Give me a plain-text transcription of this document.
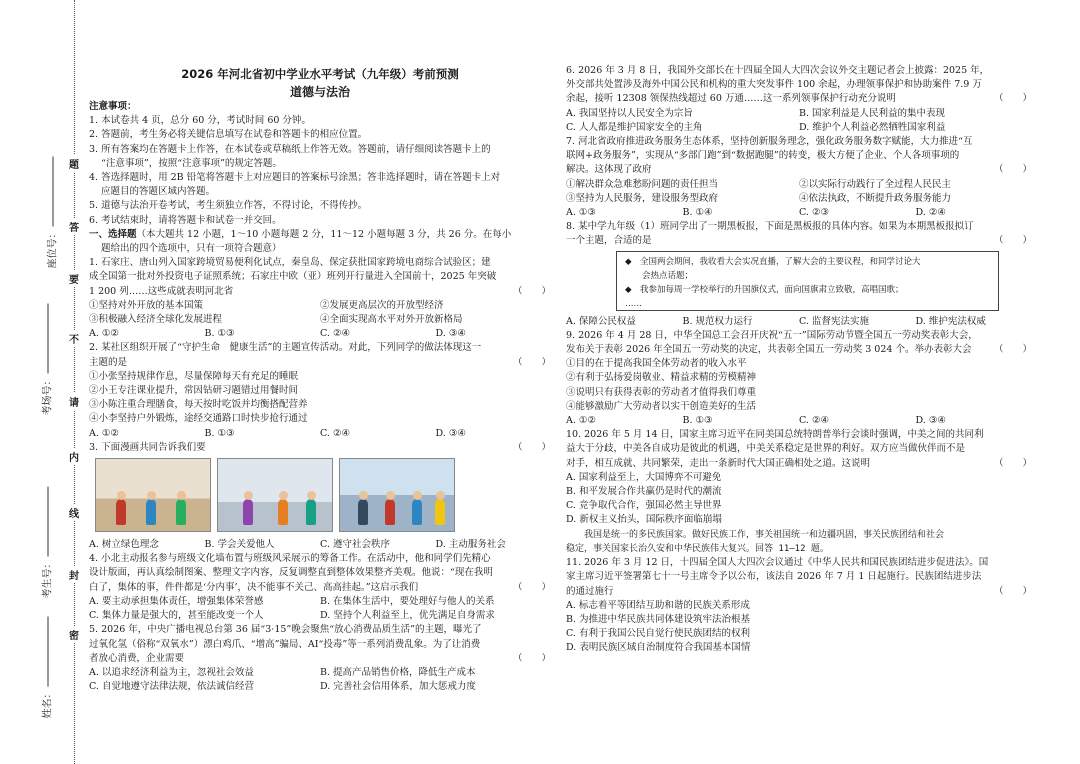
座位号：
考场号：
考生号：
姓名：
题
答
要
不
请
内
线
封
密
2026 年河北省初中学业水平考试（九年级）考前预测
道德与法治
注意事项：
1. 本试卷共 4 页，总分 60 分，考试时间 60 分钟。
2. 答题前，考生务必将关键信息填写在试卷和答题卡的相应位置。
3. 所有答案均在答题卡上作答，在本试卷或草稿纸上作答无效。答题前，请仔细阅读答题卡上的
“注意事项”，按照“注意事项”的规定答题。
4. 答选择题时，用 2B 铅笔将答题卡上对应题目的答案标号涂黑；答非选择题时，请在答题卡上对
应题目的答题区域内答题。
5. 道德与法治开卷考试，考生须独立作答，不得讨论，不得传抄。
6. 考试结束时，请将答题卡和试卷一并交回。
一、选择题（本大题共 12 小题，1～10 小题每题 2 分，11～12 小题每题 3 分，共 26 分。在每小
题给出的四个选项中，只有一项符合题意）
1. 石家庄、唐山列入国家跨境贸易便利化试点，秦皇岛、保定获批国家跨境电商综合试验区；建
成全国第一批对外投资电子证照系统；石家庄中欧（亚）班列开行量进入全国前十，2025 年突破
1 200 列……这些成就表明河北省	（　　）
①坚持对外开放的基本国策	②发展更高层次的开放型经济
③积极融入经济全球化发展进程	④全面实现高水平对外开放新格局
A. ①②	B. ①③	C. ②④	D. ③④
2. 某社区组织开展了“守护生命　健康生活”的主题宣传活动。对此，下列同学的做法体现这一
主题的是	（　　）
①小张坚持规律作息，尽量保障每天有充足的睡眠
②小王专注课业提升，常因钻研习题错过用餐时间
③小陈注重合理膳食，每天按时吃饭并均衡搭配营养
④小李坚持户外锻炼，途经交通路口时快步抢行通过
A. ①②	B. ①③	C. ②④	D. ③④
3. 下面漫画共同告诉我们要	（　　）
A. 树立绿色理念	B. 学会关爱他人	C. 遵守社会秩序	D. 主动服务社会
4. 小北主动报名参与班级文化墙布置与班级风采展示的筹备工作。在活动中，他和同学们先精心
设计版面，再认真绘制图案、整理文字内容，反复调整直到整体效果整齐美观。他说：“现在我明
白了，集体的事，件件都是‘分内事’，决不能事不关己、高高挂起。”这启示我们	（　　）
A. 要主动承担集体责任，增强集体荣誉感	B. 在集体生活中，要处理好与他人的关系
C. 集体力量是强大的，甚至能改变一个人	D. 坚持个人利益至上，优先满足自身需求
5. 2026 年，中央广播电视总台第 36 届“3·15”晚会聚焦“放心消费品质生活”的主题，曝光了
过氧化氢（俗称“双氧水”）漂白鸡爪、“增高”骗局、AI“投毒”等一系列消费乱象。为了让消费
者放心消费，企业需要	（　　）
A. 以追求经济利益为主，忽视社会效益	B. 提高产品销售价格，降低生产成本
C. 自觉地遵守法律法规，依法诚信经营	D. 完善社会信用体系，加大惩戒力度
6. 2026 年 3 月 8 日，我国外交部长在十四届全国人大四次会议外交主题记者会上披露：2025 年，
外交部共处置涉及海外中国公民和机构的重大突发事件 100 余起，办理领事保护和协助案件 7.9 万
余起，接听 12308 领保热线超过 60 万通……这一系列领事保护行动充分说明	（　　）
A. 我国坚持以人民安全为宗旨	B. 国家利益是人民利益的集中表现
C. 人人都是维护国家安全的主角	D. 维护个人利益必然牺牲国家利益
7. 河北省政府推进政务服务生态体系，坚持创新服务理念，强化政务服务数字赋能，大力推进“互
联网+政务服务”，实现从“多部门跑”到“数据跑腿”的转变，极大方便了企业、个人各项事项的
解决。这体现了政府	（　　）
①解决群众急难愁盼问题的责任担当	②以实际行动践行了全过程人民民主
③坚持为人民服务，建设服务型政府	④依法执政，不断提升政务服务能力
A. ①③	B. ①④	C. ②③	D. ②④
8. 某中学九年级（1）班同学出了一期黑板报，下面是黑板报的具体内容。如果为本期黑板报拟订
一个主题，合适的是	（　　）
◆　全国两会期间，我收看大会实况直播，了解大会的主要议程，和同学讨论大
　　会热点话题；
◆　我参加每周一学校举行的升国旗仪式，面向国旗肃立致敬，高唱国歌；
……
A. 保障公民权益	B. 规范权力运行	C. 监督宪法实施	D. 维护宪法权威
9. 2026 年 4 月 28 日，中华全国总工会召开庆祝“五一”国际劳动节暨全国五一劳动奖表彰大会，
发布关于表彰 2026 年全国五一劳动奖的决定，共表彰全国五一劳动奖 3 024 个。举办表彰大会 （　　）
①目的在于提高我国全体劳动者的收入水平
②有利于弘扬爱岗敬业、精益求精的劳模精神
③说明只有获得表彰的劳动者才值得我们尊重
④能够激励广大劳动者以实干创造美好的生活
A. ①②	B. ①③	C. ②④	D. ③④
10. 2026 年 5 月 14 日，国家主席习近平在同美国总统特朗普举行会谈时强调，中美之间的共同利
益大于分歧，中美各自成功是彼此的机遇，中美关系稳定是世界的利好。双方应当做伙伴而不是
对手，相互成就、共同繁荣，走出一条新时代大国正确相处之道。这说明	（　　）
A. 国家利益至上，大国博弈不可避免
B. 和平发展合作共赢仍是时代的潮流
C. 竞争取代合作，强国必然主导世界
D. 新权主义抬头，国际秩序面临崩塌
　　我国是统一的多民族国家。做好民族工作，事关祖国统一和边疆巩固，事关民族团结和社会
稳定，事关国家长治久安和中华民族伟大复兴。回答 11—12 题。
11. 2026 年 3 月 12 日，十四届全国人大四次会议通过《中华人民共和国民族团结进步促进法》。国
家主席习近平签署第七十一号主席令予以公布，该法自 2026 年 7 月 1 日起施行。民族团结进步法
的通过施行	（　　）
A. 标志着平等团结互助和谐的民族关系形成
B. 为推进中华民族共同体建设筑牢法治根基
C. 有利于我国公民自觉行使民族团结的权利
D. 表明民族区域自治制度符合我国基本国情
